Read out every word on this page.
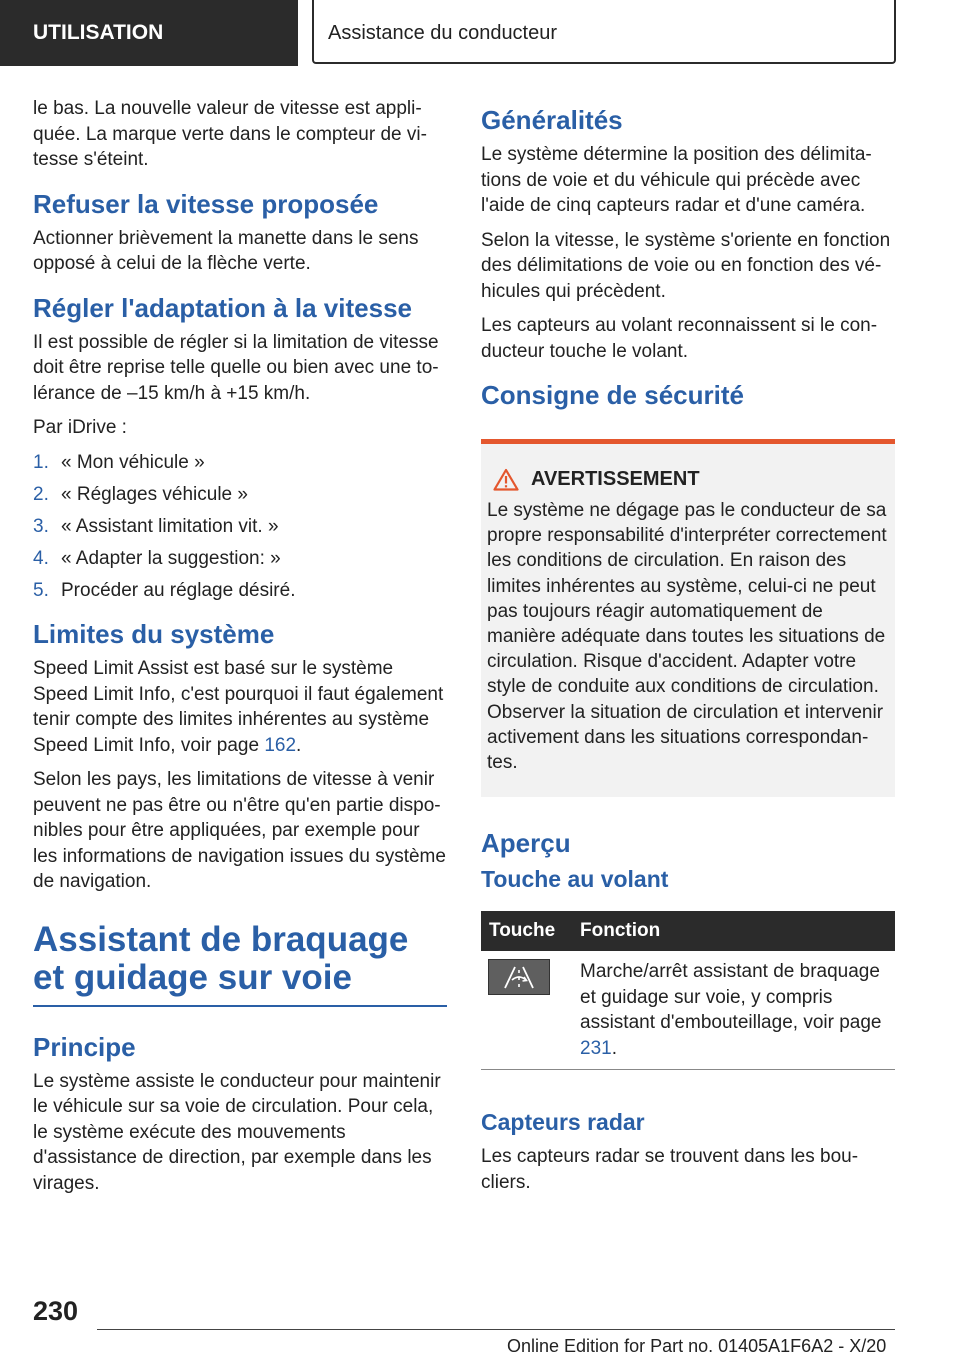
UTILISATION	Assistance du conducteur

le bas. La nouvelle valeur de vitesse est appliquée. La marque verte dans le compteur de vitesse s'éteint.

Refuser la vitesse proposée

Actionner brièvement la manette dans le sens opposé à celui de la flèche verte.

Régler l'adaptation à la vitesse

Il est possible de régler si la limitation de vitesse doit être reprise telle quelle ou bien avec une tolérance de –15 km/h à +15 km/h.

Par iDrive :

1. « Mon véhicule »
2. « Réglages véhicule »
3. « Assistant limitation vit. »
4. « Adapter la suggestion: »
5. Procéder au réglage désiré.
Limites du système

Speed Limit Assist est basé sur le système Speed Limit Info, c'est pourquoi il faut également tenir compte des limites inhérentes au système Speed Limit Info, voir page 162.

Selon les pays, les limitations de vitesse à venir peuvent ne pas être ou n'être qu'en partie disponibles pour être appliquées, par exemple pour les informations de navigation issues du système de navigation.

Assistant de braquage et guidage sur voie
Principe

Le système assiste le conducteur pour maintenir le véhicule sur sa voie de circulation. Pour cela, le système exécute des mouvements d'assistance de direction, par exemple dans les virages.

Généralités

Le système détermine la position des délimitations de voie et du véhicule qui précède avec l'aide de cinq capteurs radar et d'une caméra.

Selon la vitesse, le système s'oriente en fonction des délimitations de voie ou en fonction des véhicules qui précèdent.

Les capteurs au volant reconnaissent si le conducteur touche le volant.

Consigne de sécurité
AVERTISSEMENT

Le système ne dégage pas le conducteur de sa propre responsabilité d'interpréter correctement les conditions de circulation. En raison des limites inhérentes au système, celui-ci ne peut pas toujours réagir automatiquement de manière adéquate dans toutes les situations de circulation. Risque d'accident. Adapter votre style de conduite aux conditions de circulation. Observer la situation de circulation et intervenir activement dans les situations correspondantes.

Aperçu
Touche au volant
Touche	Fonction

	Marche/arrêt assistant de braquage et guidage sur voie, y compris assistant d'embouteillage, voir page 231.
Capteurs radar

Les capteurs radar se trouvent dans les boucliers.

230
Online Edition for Part no. 01405A1F6A2 - X/20
